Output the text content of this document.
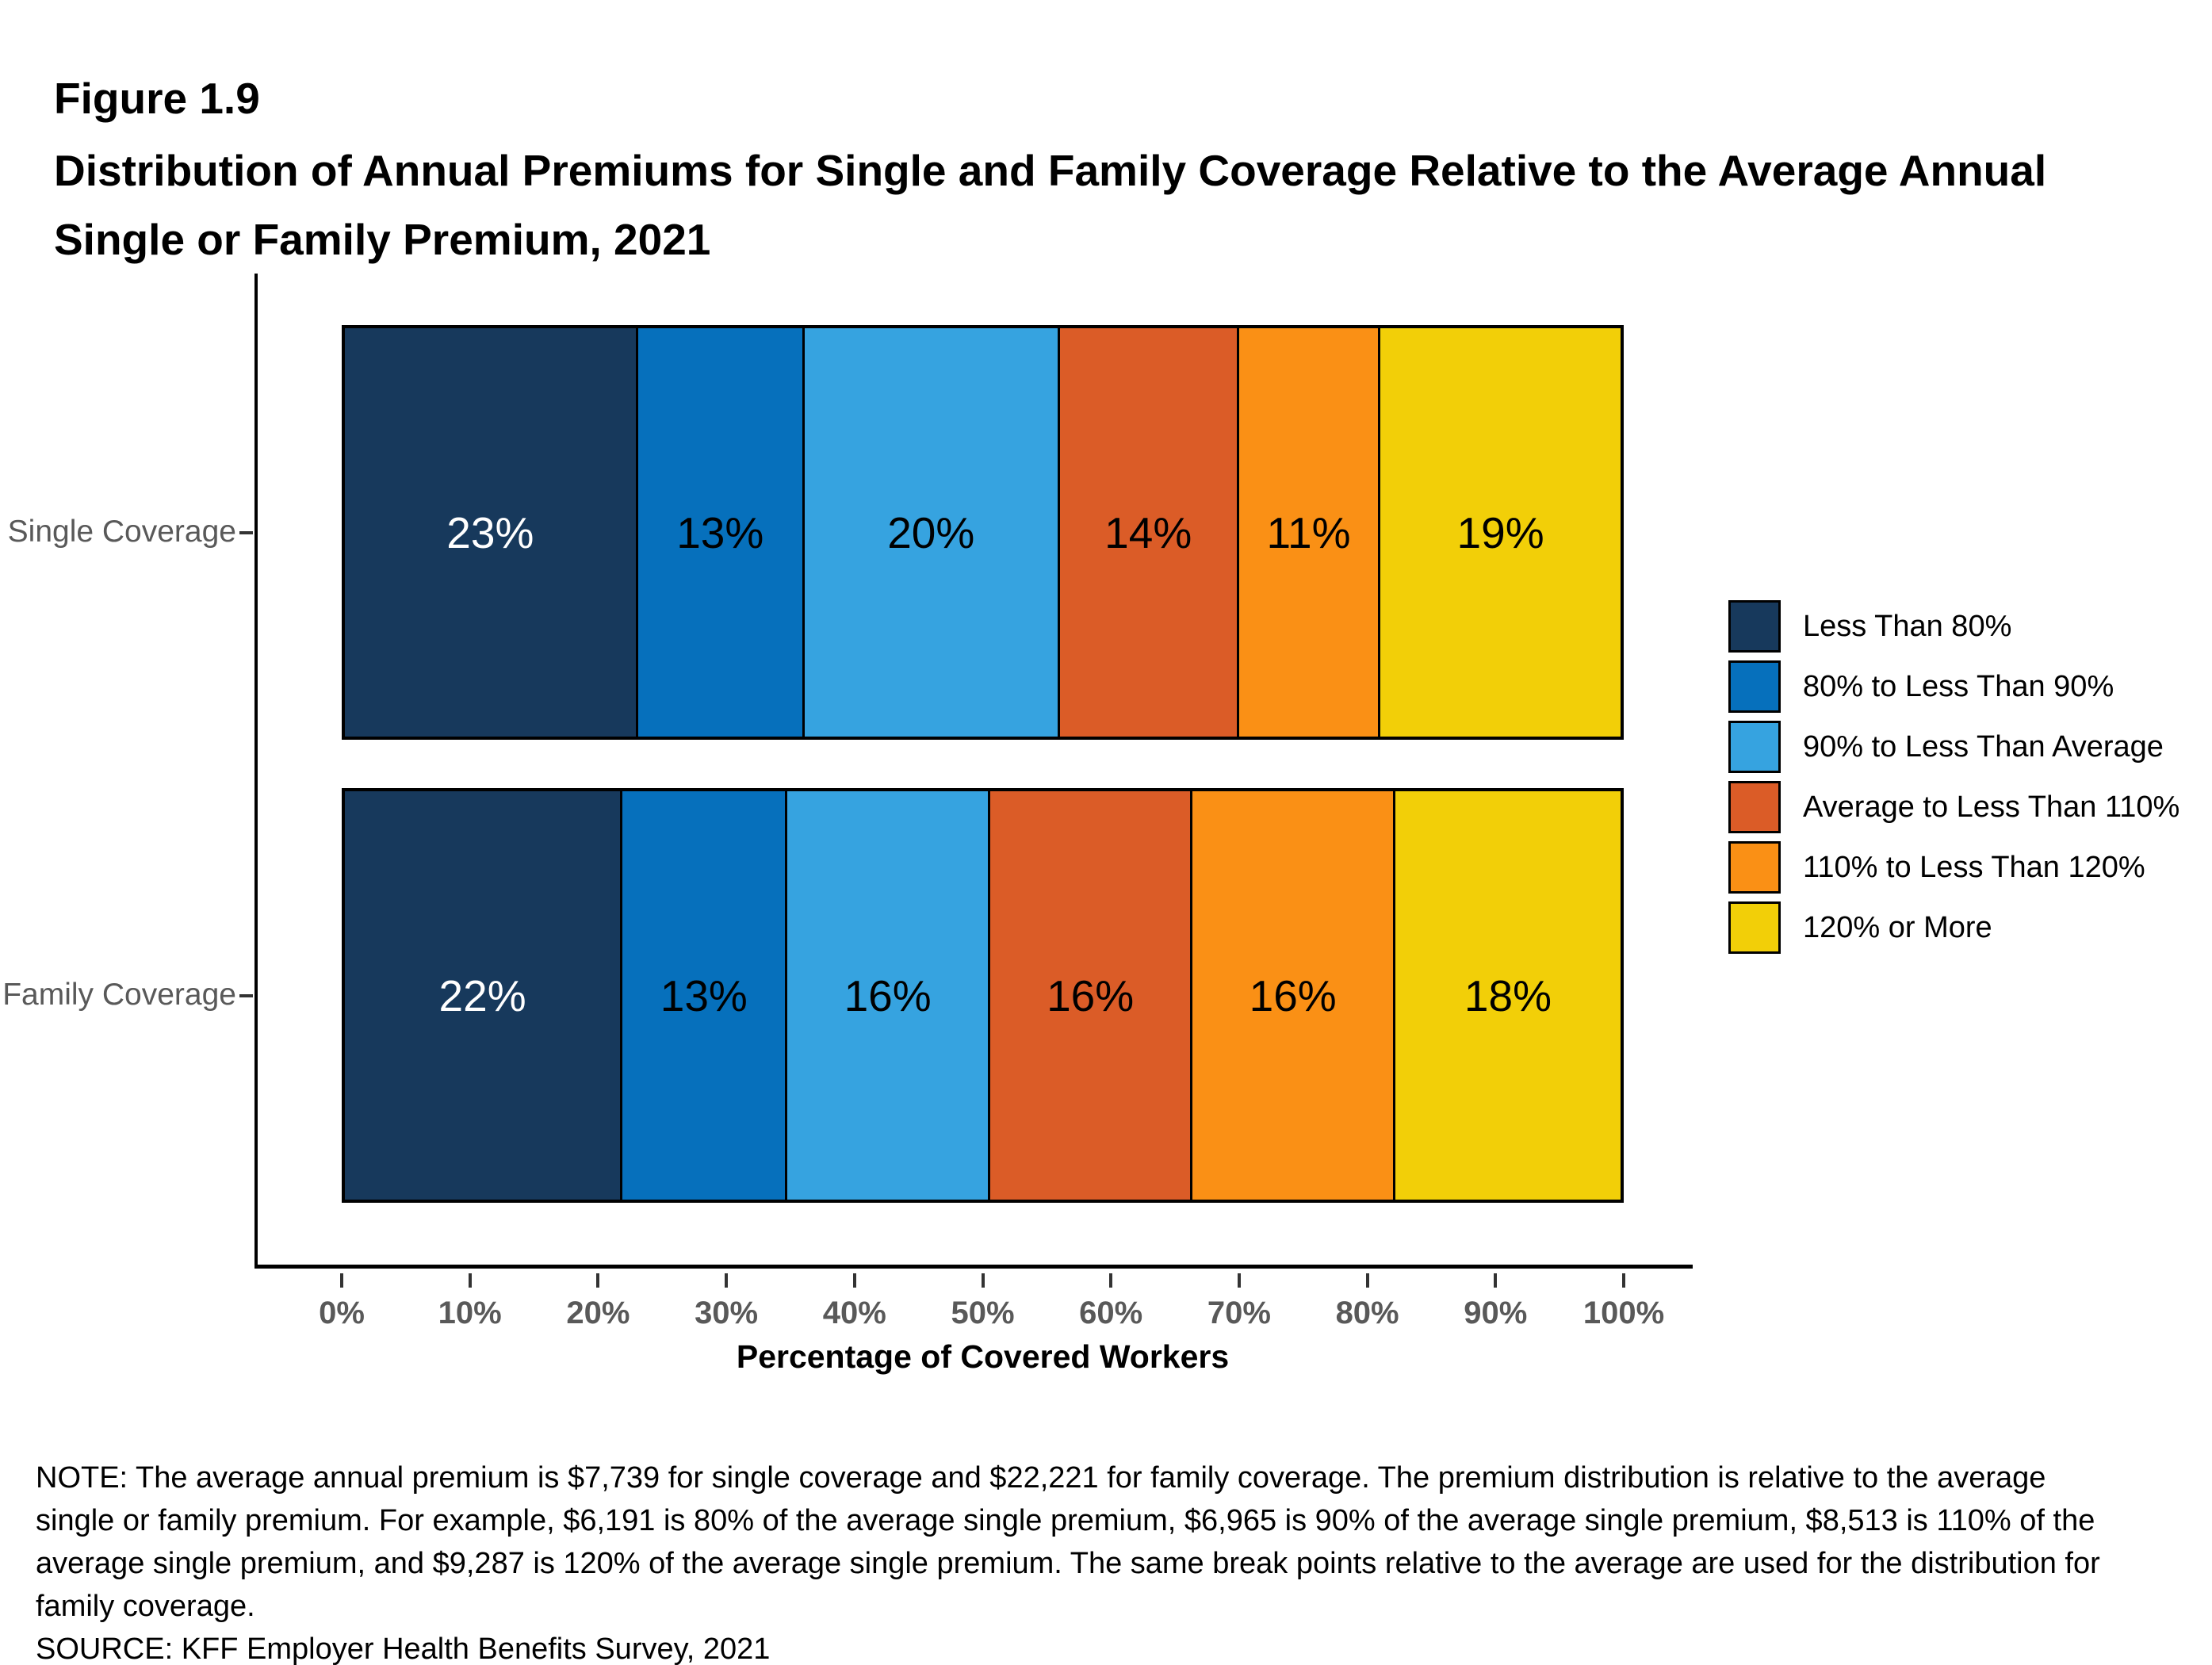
Figure 1.9
Distribution of Annual Premiums for Single and Family Coverage Relative to the Average Annual Single or Family Premium, 2021
23%	13%	20%	14% 11% 19%
22%	13% 16%	16%	16%	18%
Single Coverage
Family Coverage
0% 10% 20% 30% 40% 50% 60% 70% 80% 90% 100%
Percentage of Covered Workers
Less Than 80%
80% to Less Than 90%
90% to Less Than Average
Average to Less Than 110%
110% to Less Than 120%
120% or More
NOTE: The average annual premium is $7,739 for single coverage and $22,221 for family coverage. The premium distribution is relative to the average single or family premium. For example, $6,191 is 80% of the average single premium, $6,965 is 90% of the average single premium, $8,513 is 110% of the average single premium, and $9,287 is 120% of the average single premium. The same break points relative to the average are used for the distribution for family coverage.
SOURCE: KFF Employer Health Benefits Survey, 2021
